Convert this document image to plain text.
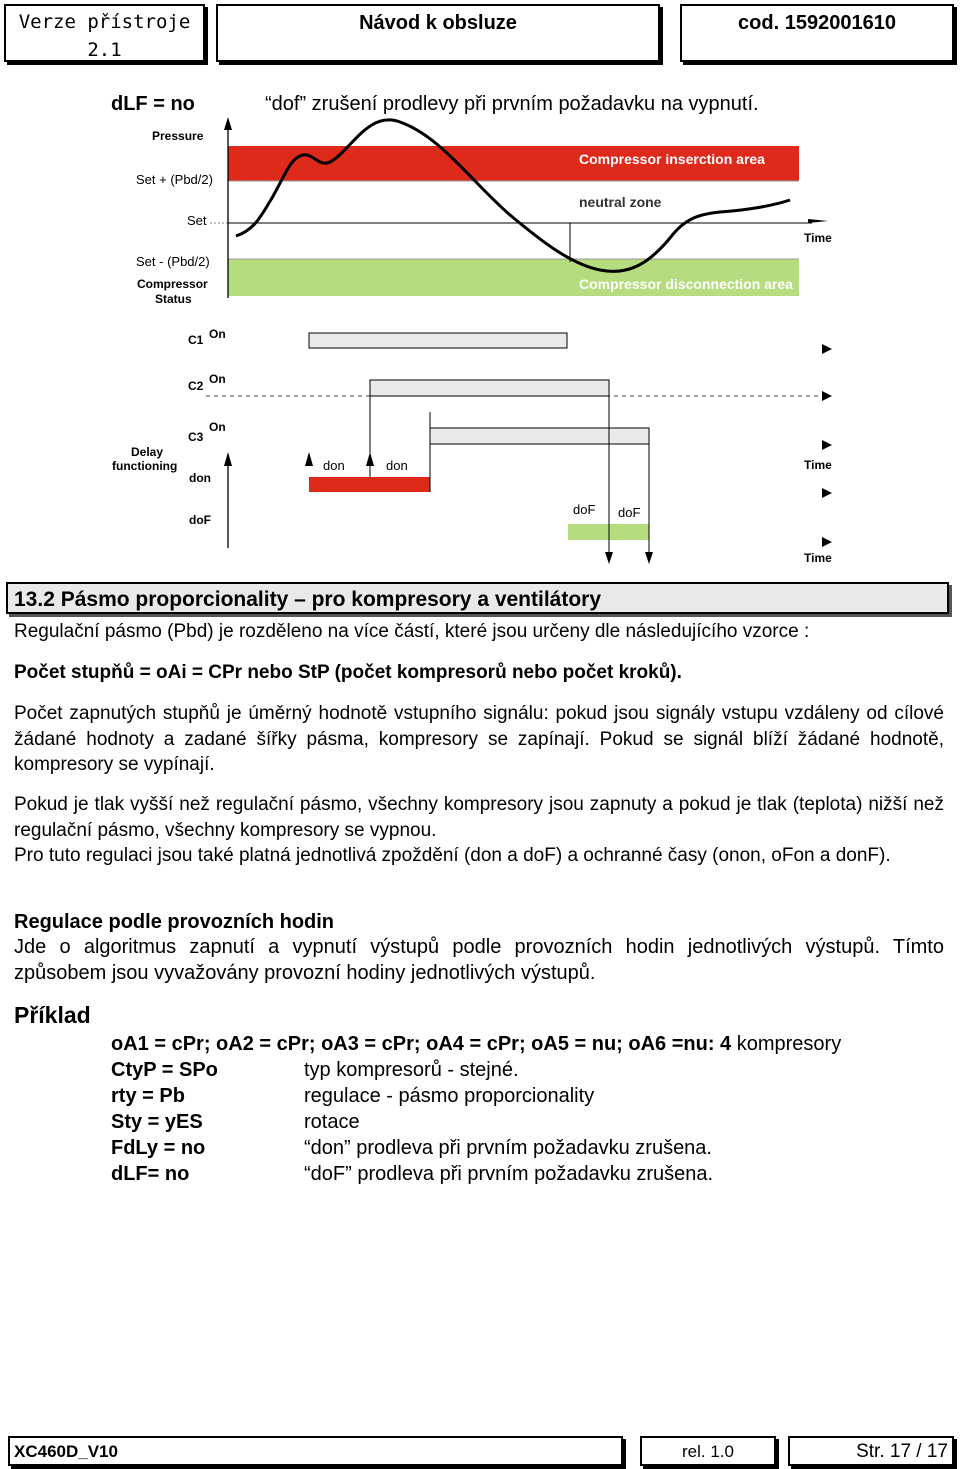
Verze přístroje 2.1
Návod k obsluze	cod. 1592001610
dLF = no	“dof” zrušení prodlevy při prvním požadavku na vypnutí.
Pressure
Set + (Pbd/2)
Set
Set - (Pbd/2)
Compressor
Status
Compressor inserction area
neutral zone
Compressor disconnection area
Time
C1 On
C2 On
C3
On
Delay
functioning
don
don	don	Time
doF
doF doF
Time
13.2 Pásmo proporcionality – pro kompresory a ventilátory
Regulační pásmo (Pbd) je rozděleno na více částí, které jsou určeny dle následujícího vzorce :
Počet stupňů = oAi = CPr nebo StP (počet kompresorů nebo počet kroků).
Počet zapnutých stupňů je úměrný hodnotě vstupního signálu: pokud jsou signály vstupu vzdáleny od cílové žádané hodnoty a zadané šířky pásma, kompresory se zapínají. Pokud se signál blíží žádané hodnotě, kompresory se vypínají.
Pokud je tlak vyšší než regulační pásmo, všechny kompresory jsou zapnuty a pokud je tlak (teplota) nižší než regulační pásmo, všechny kompresory se vypnou.
Pro tuto regulaci jsou také platná jednotlivá zpoždění (don a doF) a ochranné časy (onon, oFon a donF).
Regulace podle provozních hodin
Jde o algoritmus zapnutí a vypnutí výstupů podle provozních hodin jednotlivých výstupů. Tímto způsobem jsou vyvažovány provozní hodiny jednotlivých výstupů.
Příklad
oA1 = cPr; oA2 = cPr; oA3 = cPr; oA4 = cPr; oA5 = nu; oA6 =nu: 4 kompresory
CtyP = SPo	typ kompresorů - stejné.
rty = Pb	regulace - pásmo proporcionality
Sty = yES	rotace
FdLy = no	“don” prodleva při prvním požadavku zrušena.
dLF= no	“doF” prodleva při prvním požadavku zrušena.
XC460D_V10	rel. 1.0	Str. 17 / 17
